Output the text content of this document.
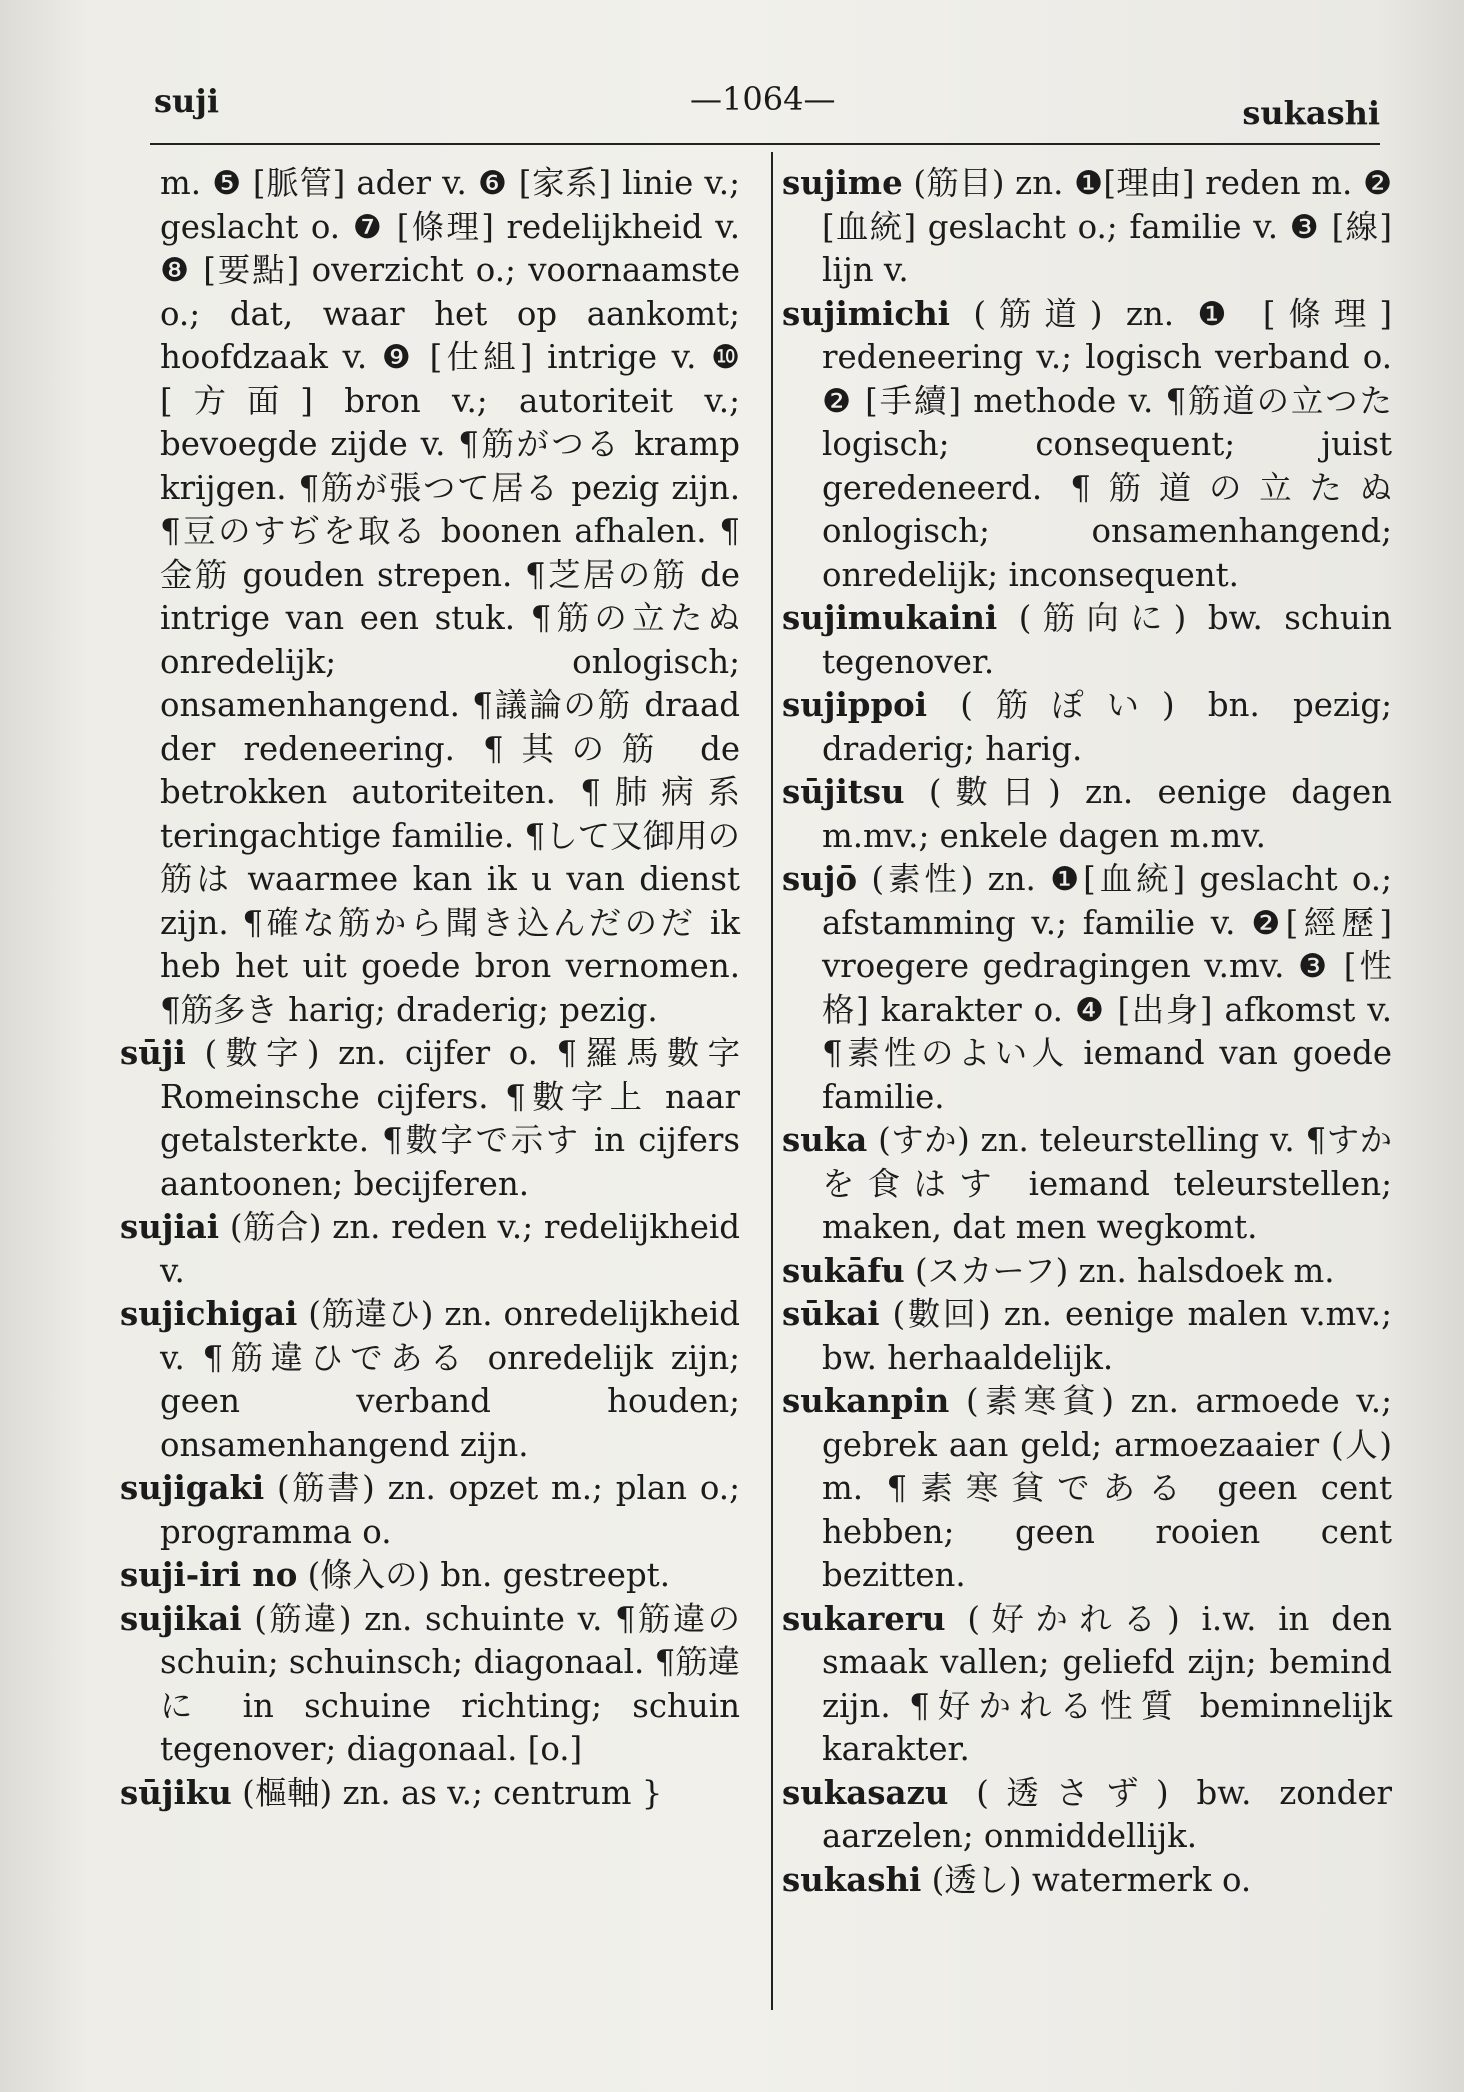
suji	—1064—	sukashi

m. ❺ [脈管] ader v. ❻ [家系] linie v.; geslacht o. ❼ [條理] redelijkheid v. ❽ [要點] overzicht o.; voornaamste o.; dat, waar het op aankomt; hoofdzaak v. ❾ [仕組] intrige v. ❿ [方面] bron v.; autoriteit v.; bevoegde zijde v. ¶筋がつる kramp krijgen. ¶筋が張つて居る pezig zijn. ¶豆のすぢを取る boonen afhalen. ¶金筋 gouden strepen. ¶芝居の筋 de intrige van een stuk. ¶筋の立たぬ onredelijk; onlogisch; onsamenhangend. ¶議論の筋 draad der redeneering. ¶其の筋 de betrokken autoriteiten. ¶肺病系 teringachtige familie. ¶して又御用の筋は waarmee kan ik u van dienst zijn. ¶確な筋から聞き込んだのだ ik heb het uit goede bron vernomen. ¶筋多き harig; draderig; pezig.

sūji (數字) zn. cijfer o. ¶羅馬數字 Romeinsche cijfers. ¶數字上 naar getalsterkte. ¶數字で示す in cijfers aantoonen; becijferen.

sujiai (筋合) zn. reden v.; redelijkheid v.

sujichigai (筋違ひ) zn. onredelijkheid v. ¶筋違ひである onredelijk zijn; geen verband houden; onsamenhangend zijn.

sujigaki (筋書) zn. opzet m.; plan o.; programma o.

suji-iri no (條入の) bn. gestreept.

sujikai (筋違) zn. schuinte v. ¶筋違の schuin; schuinsch; diagonaal. ¶筋違に in schuine richting; schuin tegenover; diagonaal. [o.]

sūjiku (樞軸) zn. as v.; centrum }

sujime (筋目) zn. ❶[理由] reden m. ❷ [血統] geslacht o.; familie v. ❸ [線] lijn v.

sujimichi (筋道) zn. ❶ [條理] redeneering v.; logisch verband o. ❷ [手續] methode v. ¶筋道の立つた logisch; consequent; juist geredeneerd. ¶筋道の立たぬ onlogisch; onsamenhangend; onredelijk; inconsequent.

sujimukaini (筋向に) bw. schuin tegenover.

sujippoi (筋ぽい) bn. pezig; draderig; harig.

sūjitsu (數日) zn. eenige dagen m.mv.; enkele dagen m.mv.

sujō (素性) zn. ❶[血統] geslacht o.; afstamming v.; familie v. ❷[經歷] vroegere gedragingen v.mv. ❸ [性格] karakter o. ❹ [出身] afkomst v. ¶素性のよい人 iemand van goede familie.

suka (すか) zn. teleurstelling v. ¶すかを食はす iemand teleurstellen; maken, dat men wegkomt.

sukāfu (スカーフ) zn. halsdoek m.

sūkai (數回) zn. eenige malen v.mv.; bw. herhaaldelijk.

sukanpin (素寒貧) zn. armoede v.; gebrek aan geld; armoezaaier (人) m. ¶素寒貧である geen cent hebben; geen rooien cent bezitten.

sukareru (好かれる) i.w. in den smaak vallen; geliefd zijn; bemind zijn. ¶好かれる性質 beminnelijk karakter.

sukasazu (透さず) bw. zonder aarzelen; onmiddellijk.

sukashi (透し) watermerk o.
